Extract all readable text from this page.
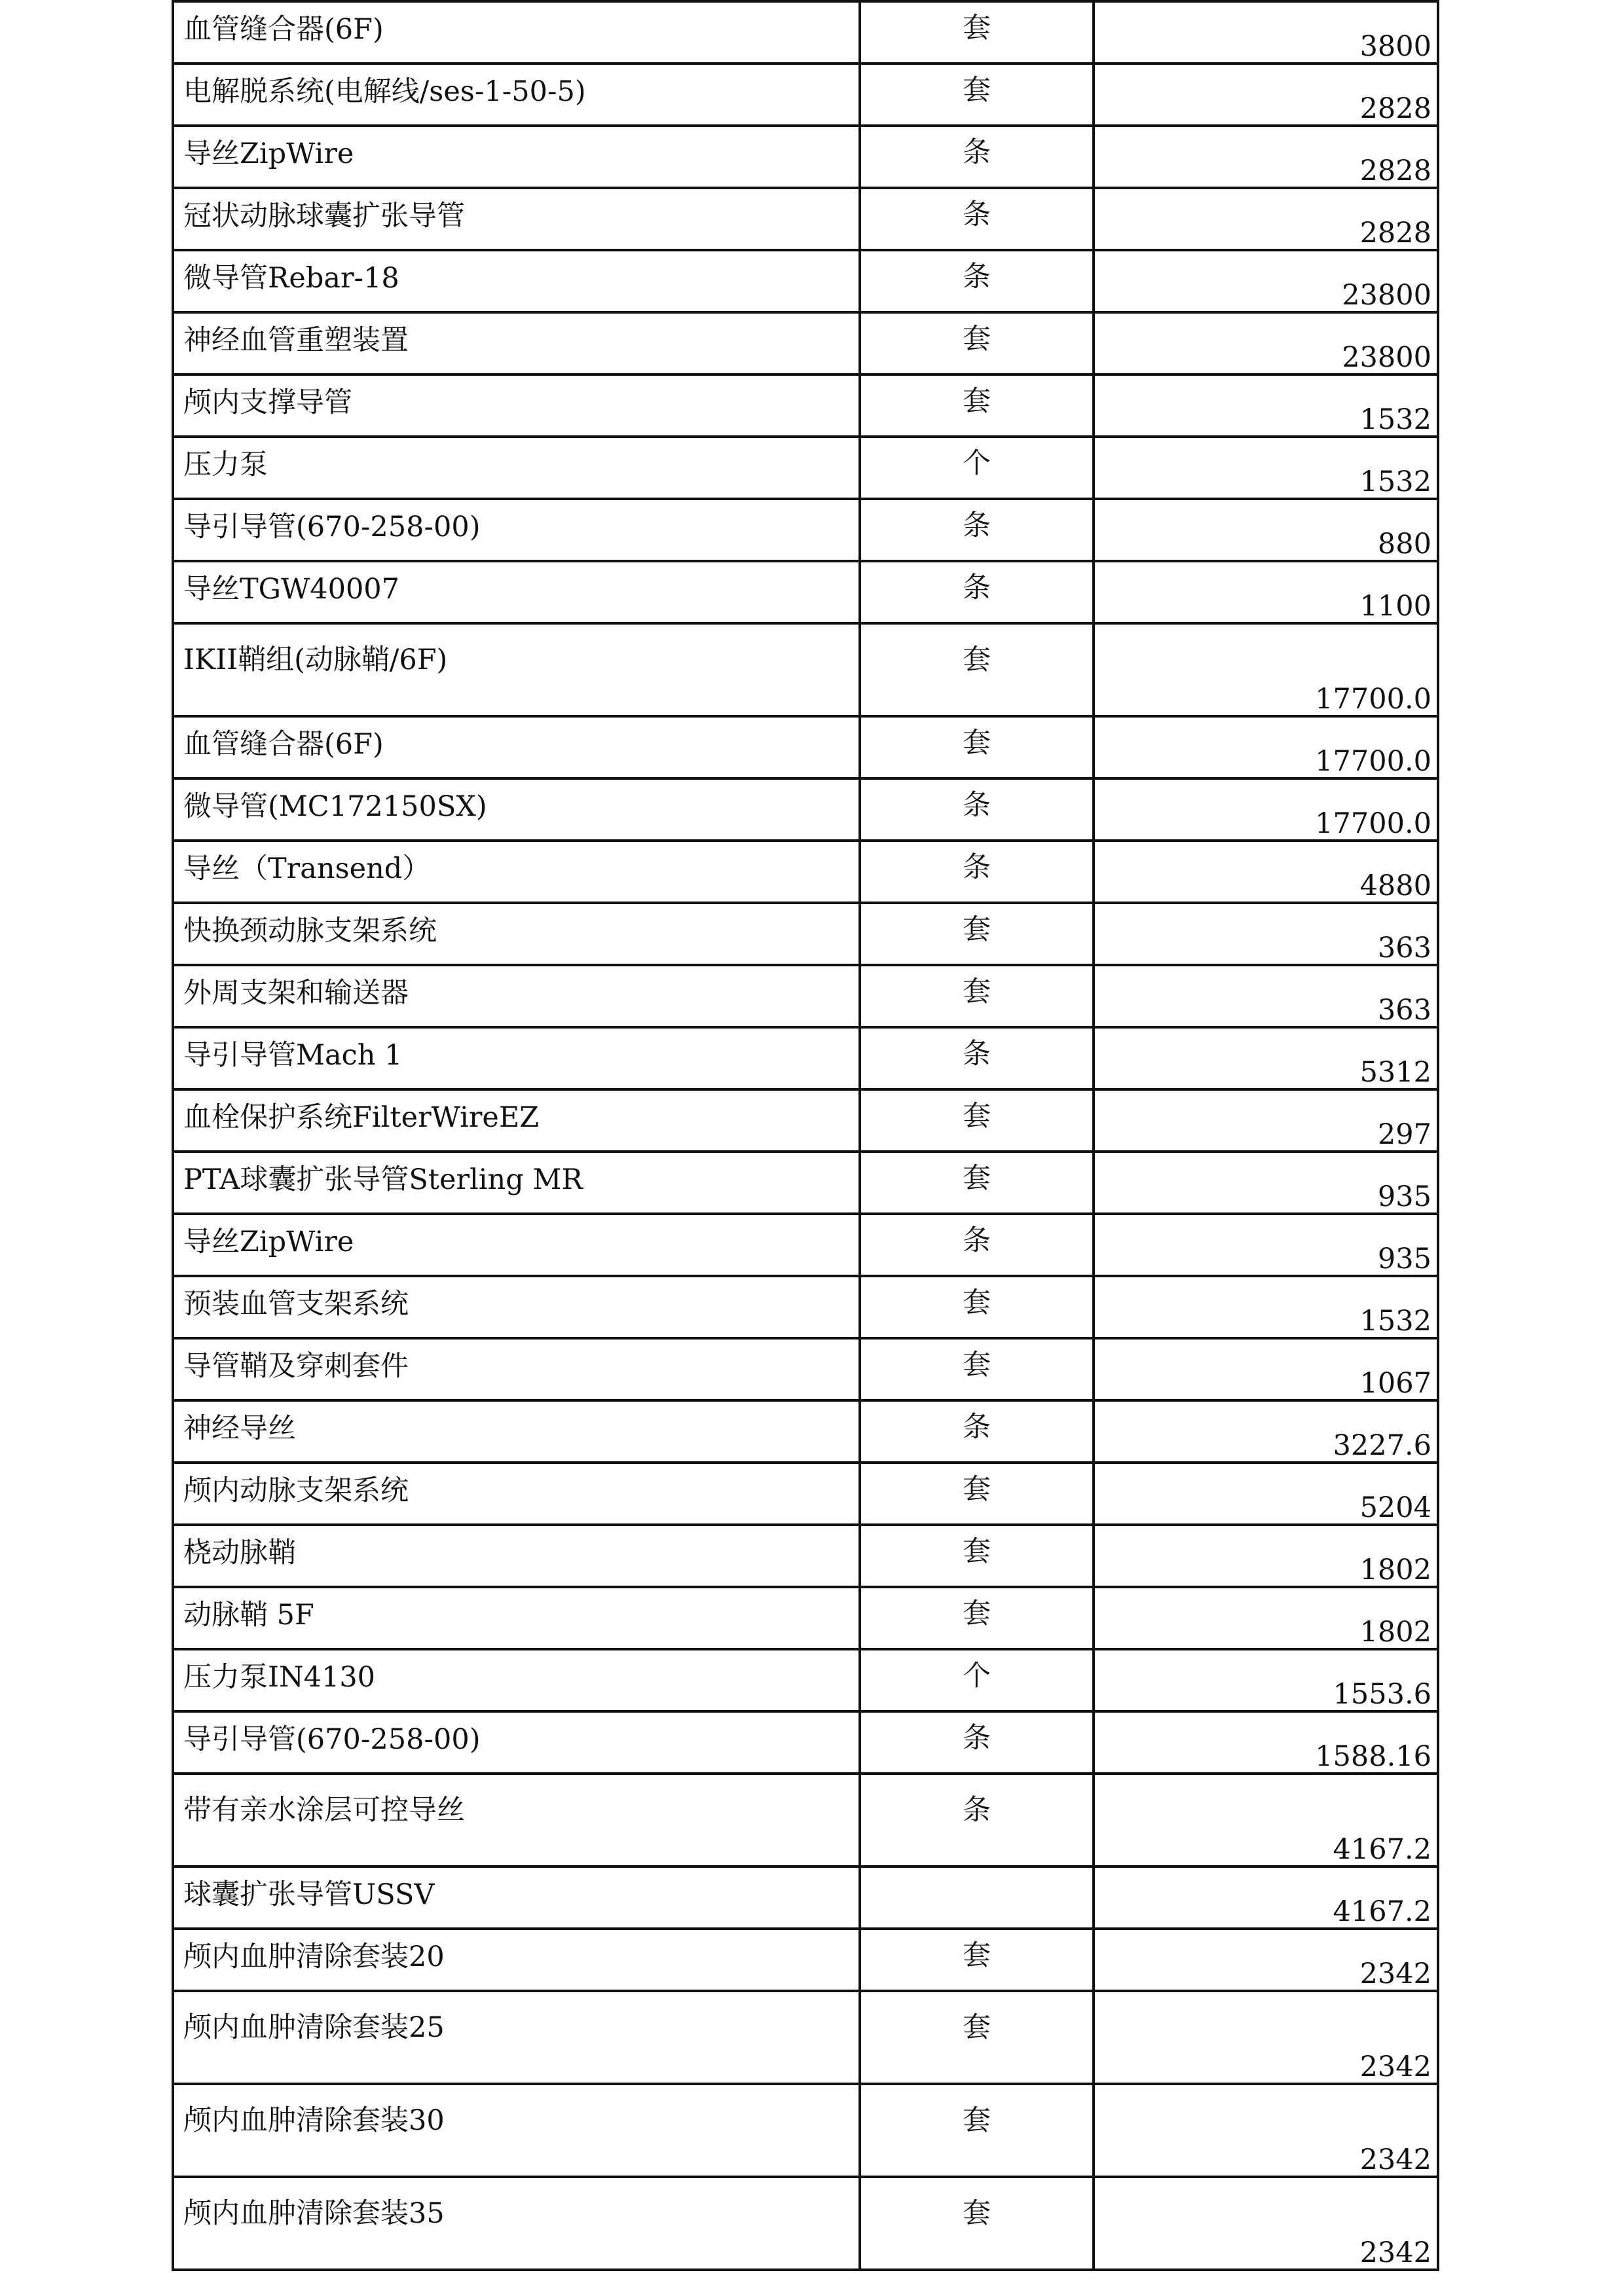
血管缝合器(6F)	套	3800
电解脱系统(电解线/ses-1-50-5)	套	2828
导丝ZipWire	条	2828
冠状动脉球囊扩张导管	条	2828
微导管Rebar-18	条	23800
神经血管重塑装置	套	23800
颅内支撑导管	套	1532
压力泵	个	1532
导引导管(670-258-00)	条	880
导丝TGW40007	条	1100
IKII鞘组(动脉鞘/6F)	套	17700.0
血管缝合器(6F)	套	17700.0
微导管(MC172150SX)	条	17700.0
导丝（Transend）	条	4880
快换颈动脉支架系统	套	363
外周支架和输送器	套	363
导引导管Mach 1	条	5312
血栓保护系统FilterWireEZ	套	297
PTA球囊扩张导管Sterling MR	套	935
导丝ZipWire	条	935
预装血管支架系统	套	1532
导管鞘及穿刺套件	套	1067
神经导丝	条	3227.6
颅内动脉支架系统	套	5204
桡动脉鞘	套	1802
动脉鞘 5F	套	1802
压力泵IN4130	个	1553.6
导引导管(670-258-00)	条	1588.16
带有亲水涂层可控导丝	条	4167.2
球囊扩张导管USSV		4167.2
颅内血肿清除套装20	套	2342
颅内血肿清除套装25	套	2342
颅内血肿清除套装30	套	2342
颅内血肿清除套装35	套	2342
